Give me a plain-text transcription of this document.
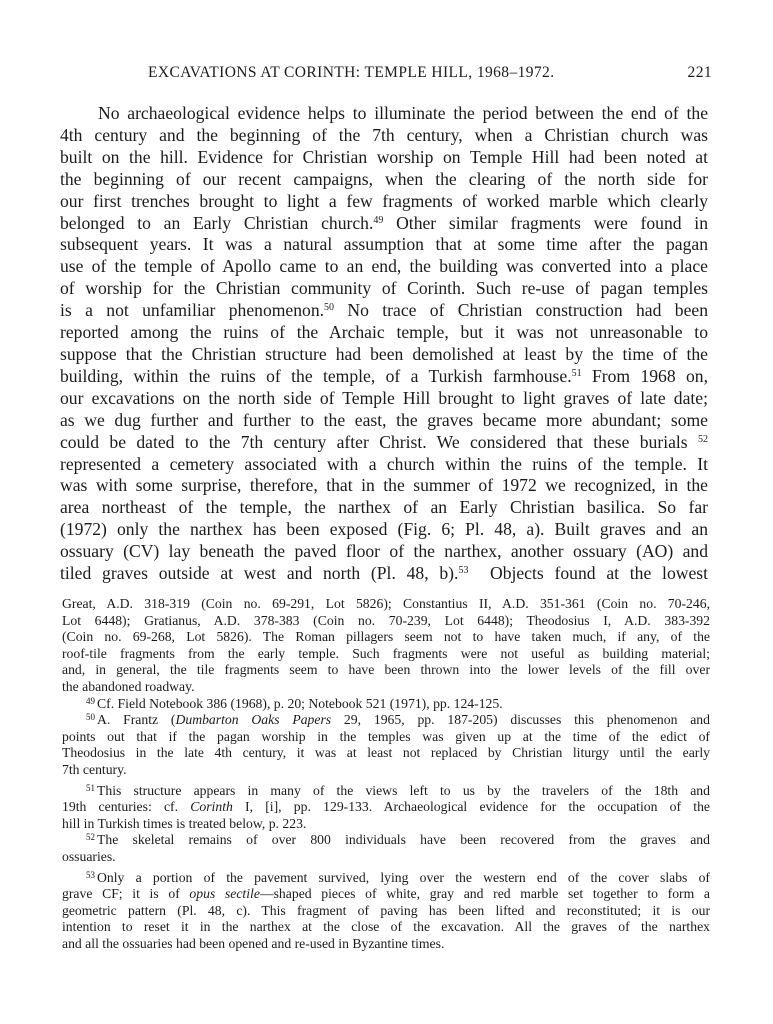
EXCAVATIONS AT CORINTH: TEMPLE HILL, 1968–1972.	221
No archaeological evidence helps to illuminate the period between the end of the
4th century and the beginning of the 7th century, when a Christian church was
built on the hill. Evidence for Christian worship on Temple Hill had been noted at
the beginning of our recent campaigns, when the clearing of the north side for
our first trenches brought to light a few fragments of worked marble which clearly
belonged to an Early Christian church.$^{49}$ Other similar fragments were found in
subsequent years. It was a natural assumption that at some time after the pagan
use of the temple of Apollo came to an end, the building was converted into a place
of worship for the Christian community of Corinth. Such re-use of pagan temples
is a not unfamiliar phenomenon.$^{50}$ No trace of Christian construction had been
reported among the ruins of the Archaic temple, but it was not unreasonable to
suppose that the Christian structure had been demolished at least by the time of the
building, within the ruins of the temple, of a Turkish farmhouse.$^{51}$ From 1968 on,
our excavations on the north side of Temple Hill brought to light graves of late date;
as we dug further and further to the east, the graves became more abundant; some
could be dated to the 7th century after Christ. We considered that these burials $^{52}$
represented a cemetery associated with a church within the ruins of the temple. It
was with some surprise, therefore, that in the summer of 1972 we recognized, in the
area northeast of the temple, the narthex of an Early Christian basilica. So far
(1972) only the narthex has been exposed (Fig. 6; Pl. 48, a). Built graves and an
ossuary (CV) lay beneath the paved floor of the narthex, another ossuary (AO) and
tiled graves outside at west and north (Pl. 48, b).$^{53}$ Objects found at the lowest
Great, A.D. 318-319 (Coin no. 69-291, Lot 5826); Constantius II, A.D. 351-361 (Coin no. 70-246,
Lot 6448); Gratianus, A.D. 378-383 (Coin no. 70-239, Lot 6448); Theodosius I, A.D. 383-392
(Coin no. 69-268, Lot 5826). The Roman pillagers seem not to have taken much, if any, of the
roof-tile fragments from the early temple. Such fragments were not useful as building material;
and, in general, the tile fragments seem to have been thrown into the lower levels of the fill over
the abandoned roadway.
$^{49}$ Cf. Field Notebook 386 (1968), p. 20; Notebook 521 (1971), pp. 124-125.
$^{50}$ A. Frantz (Dumbarton Oaks Papers 29, 1965, pp. 187-205) discusses this phenomenon and
points out that if the pagan worship in the temples was given up at the time of the edict of
Theodosius in the late 4th century, it was at least not replaced by Christian liturgy until the early
7th century.
$^{51}$ This structure appears in many of the views left to us by the travelers of the 18th and
19th centuries: cf. Corinth I, [i], pp. 129-133. Archaeological evidence for the occupation of the
hill in Turkish times is treated below, p. 223.
$^{52}$ The skeletal remains of over 800 individuals have been recovered from the graves and
ossuaries.
$^{53}$ Only a portion of the pavement survived, lying over the western end of the cover slabs of
grave CF; it is of opus sectile—shaped pieces of white, gray and red marble set together to form a
geometric pattern (Pl. 48, c). This fragment of paving has been lifted and reconstituted; it is our
intention to reset it in the narthex at the close of the excavation. All the graves of the narthex
and all the ossuaries had been opened and re-used in Byzantine times.
